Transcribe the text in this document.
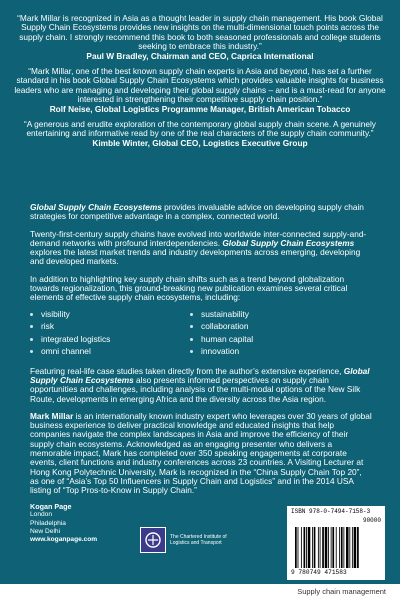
“Mark Millar is recognized in Asia as a thought leader in supply chain management. His book Global Supply Chain Ecosystems provides new insights on the multi-dimensional touch points across the supply chain. I strongly recommend this book to both seasoned professionals and college students seeking to embrace this industry.”
Paul W Bradley, Chairman and CEO, Caprica International
“Mark Millar, one of the best known supply chain experts in Asia and beyond, has set a further standard in his book Global Supply Chain Ecosystems which provides valuable insights for business leaders who are managing and developing their global supply chains – and is a must-read for anyone interested in strengthening their competitive supply chain position.”
Rolf Neise, Global Logistics Programme Manager, British American Tobacco
“A generous and erudite exploration of the contemporary global supply chain scene. A genuinely entertaining and informative read by one of the real characters of the supply chain community.”
Kimble Winter, Global CEO, Logistics Executive Group

Global Supply Chain Ecosystems provides invaluable advice on developing supply chain strategies for competitive advantage in a complex, connected world.

Twenty-first-century supply chains have evolved into worldwide inter-connected supply-and-demand networks with profound interdependencies. Global Supply Chain Ecosystems explores the latest market trends and industry developments across emerging, developing and developed markets.

In addition to highlighting key supply chain shifts such as a trend beyond globalization towards regionalization, this ground-breaking new publication examines several critical elements of effective supply chain ecosystems, including:

visibility
risk
integrated logistics
omni channel
sustainability
collaboration
human capital
innovation

Featuring real-life case studies taken directly from the author’s extensive experience, Global Supply Chain Ecosystems also presents informed perspectives on supply chain opportunities and challenges, including analysis of the multi-modal options of the New Silk Route, developments in emerging Africa and the diversity across the Asia region.

Mark Millar is an internationally known industry expert who leverages over 30 years of global business experience to deliver practical knowledge and educated insights that help companies navigate the complex landscapes in Asia and improve the efficiency of their supply chain ecosystems. Acknowledged as an engaging presenter who delivers a memorable impact, Mark has completed over 350 speaking engagements at corporate events, client functions and industry conferences across 23 countries. A Visiting Lecturer at Hong Kong Polytechnic University, Mark is recognized in the “China Supply Chain Top 20”, as one of “Asia’s Top 50 Influencers in Supply Chain and Logistics” and in the 2014 USA listing of “Top Pros-to-Know in Supply Chain.”

Kogan Page
London
Philadelphia
New Delhi
www.koganpage.com	The Chartered Institute of Logistics and Transport
ISBN 978-0-7494-7158-3
90000
9 780749 471583
Supply chain management
